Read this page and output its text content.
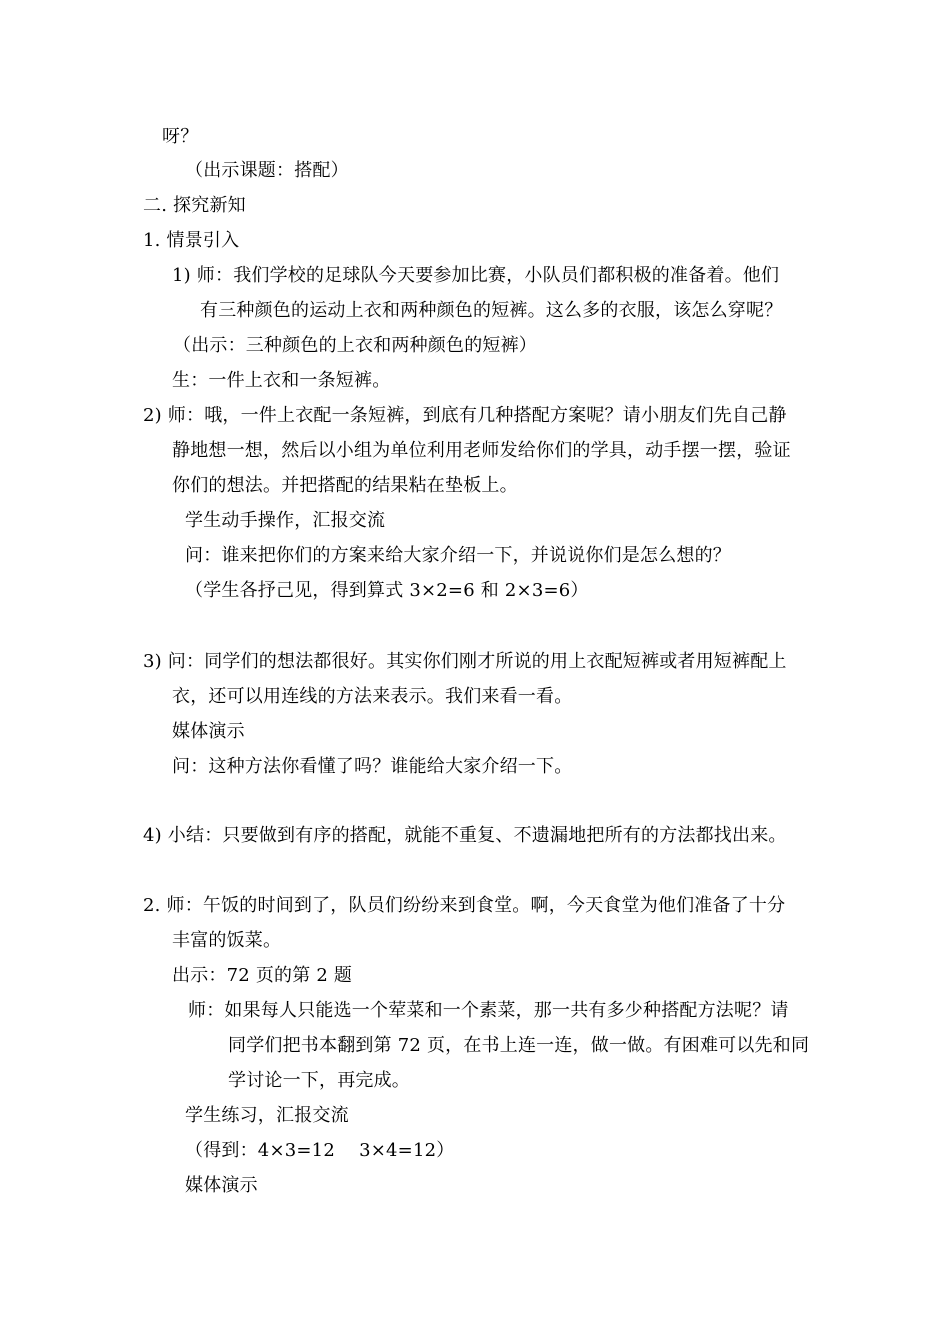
呀？
（出示课题：搭配）
二. 探究新知
1. 情景引入
1) 师：我们学校的足球队今天要参加比赛，小队员们都积极的准备着。他们
有三种颜色的运动上衣和两种颜色的短裤。这么多的衣服，该怎么穿呢？
（出示：三种颜色的上衣和两种颜色的短裤）
生：一件上衣和一条短裤。
2) 师：哦，一件上衣配一条短裤，到底有几种搭配方案呢？请小朋友们先自己静
静地想一想，然后以小组为单位利用老师发给你们的学具，动手摆一摆，验证
你们的想法。并把搭配的结果粘在垫板上。
学生动手操作，汇报交流
问：谁来把你们的方案来给大家介绍一下，并说说你们是怎么想的？
（学生各抒己见，得到算式 3×2=6 和 2×3=6）
3) 问：同学们的想法都很好。其实你们刚才所说的用上衣配短裤或者用短裤配上
衣，还可以用连线的方法来表示。我们来看一看。
媒体演示
问：这种方法你看懂了吗？谁能给大家介绍一下。
4) 小结：只要做到有序的搭配，就能不重复、不遗漏地把所有的方法都找出来。
2. 师：午饭的时间到了，队员们纷纷来到食堂。啊，今天食堂为他们准备了十分
丰富的饭菜。
出示：72 页的第 2 题
师：如果每人只能选一个荤菜和一个素菜，那一共有多少种搭配方法呢？请
同学们把书本翻到第 72 页，在书上连一连，做一做。有困难可以先和同
学讨论一下，再完成。
学生练习，汇报交流
（得到：4×3=12　 3×4=12）
媒体演示
